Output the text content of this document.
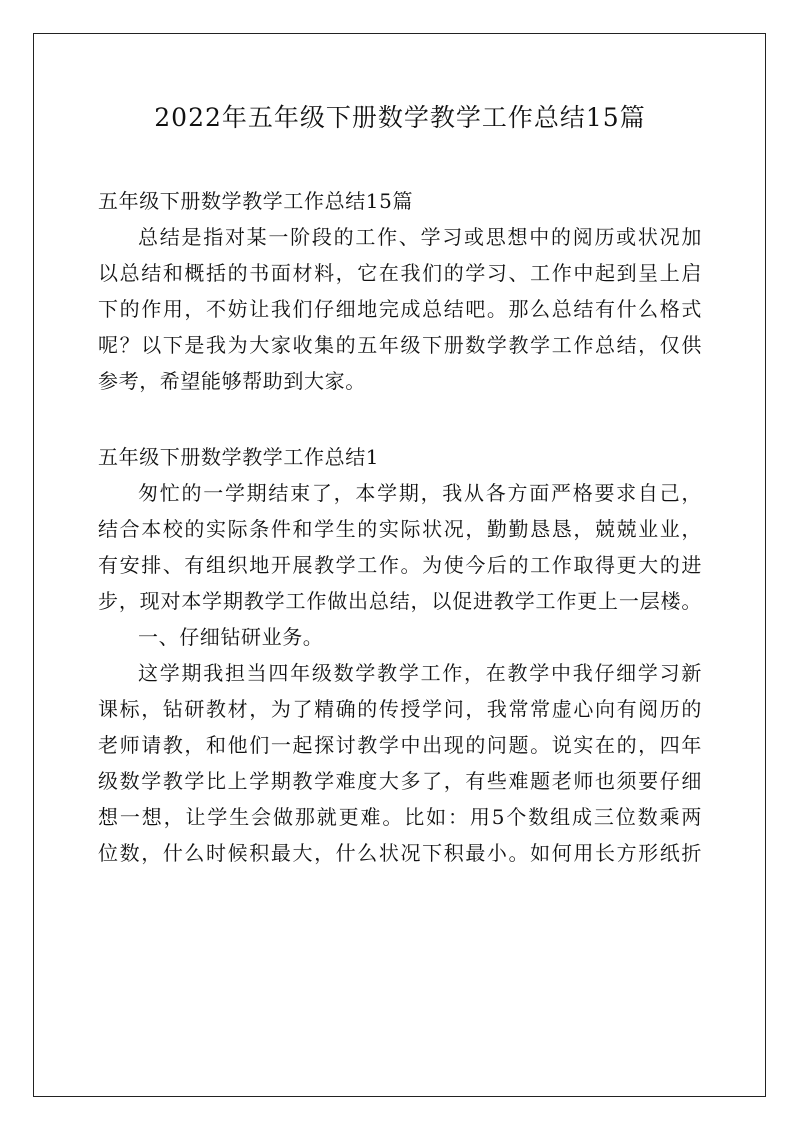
2022年五年级下册数学教学工作总结15篇
五年级下册数学教学工作总结15篇
总结是指对某一阶段的工作、学习或思想中的阅历或状况加
以总结和概括的书面材料，它在我们的学习、工作中起到呈上启
下的作用，不妨让我们仔细地完成总结吧。那么总结有什么格式
呢？以下是我为大家收集的五年级下册数学教学工作总结，仅供
参考，希望能够帮助到大家。
五年级下册数学教学工作总结1
匆忙的一学期结束了，本学期，我从各方面严格要求自己，
结合本校的实际条件和学生的实际状况，勤勤恳恳，兢兢业业，
有安排、有组织地开展教学工作。为使今后的工作取得更大的进
步，现对本学期教学工作做出总结，以促进教学工作更上一层楼。
一、仔细钻研业务。
这学期我担当四年级数学教学工作，在教学中我仔细学习新
课标，钻研教材，为了精确的传授学问，我常常虚心向有阅历的
老师请教，和他们一起探讨教学中出现的问题。说实在的，四年
级数学教学比上学期教学难度大多了，有些难题老师也须要仔细
想一想，让学生会做那就更难。比如：用5个数组成三位数乘两
位数，什么时候积最大，什么状况下积最小。如何用长方形纸折
